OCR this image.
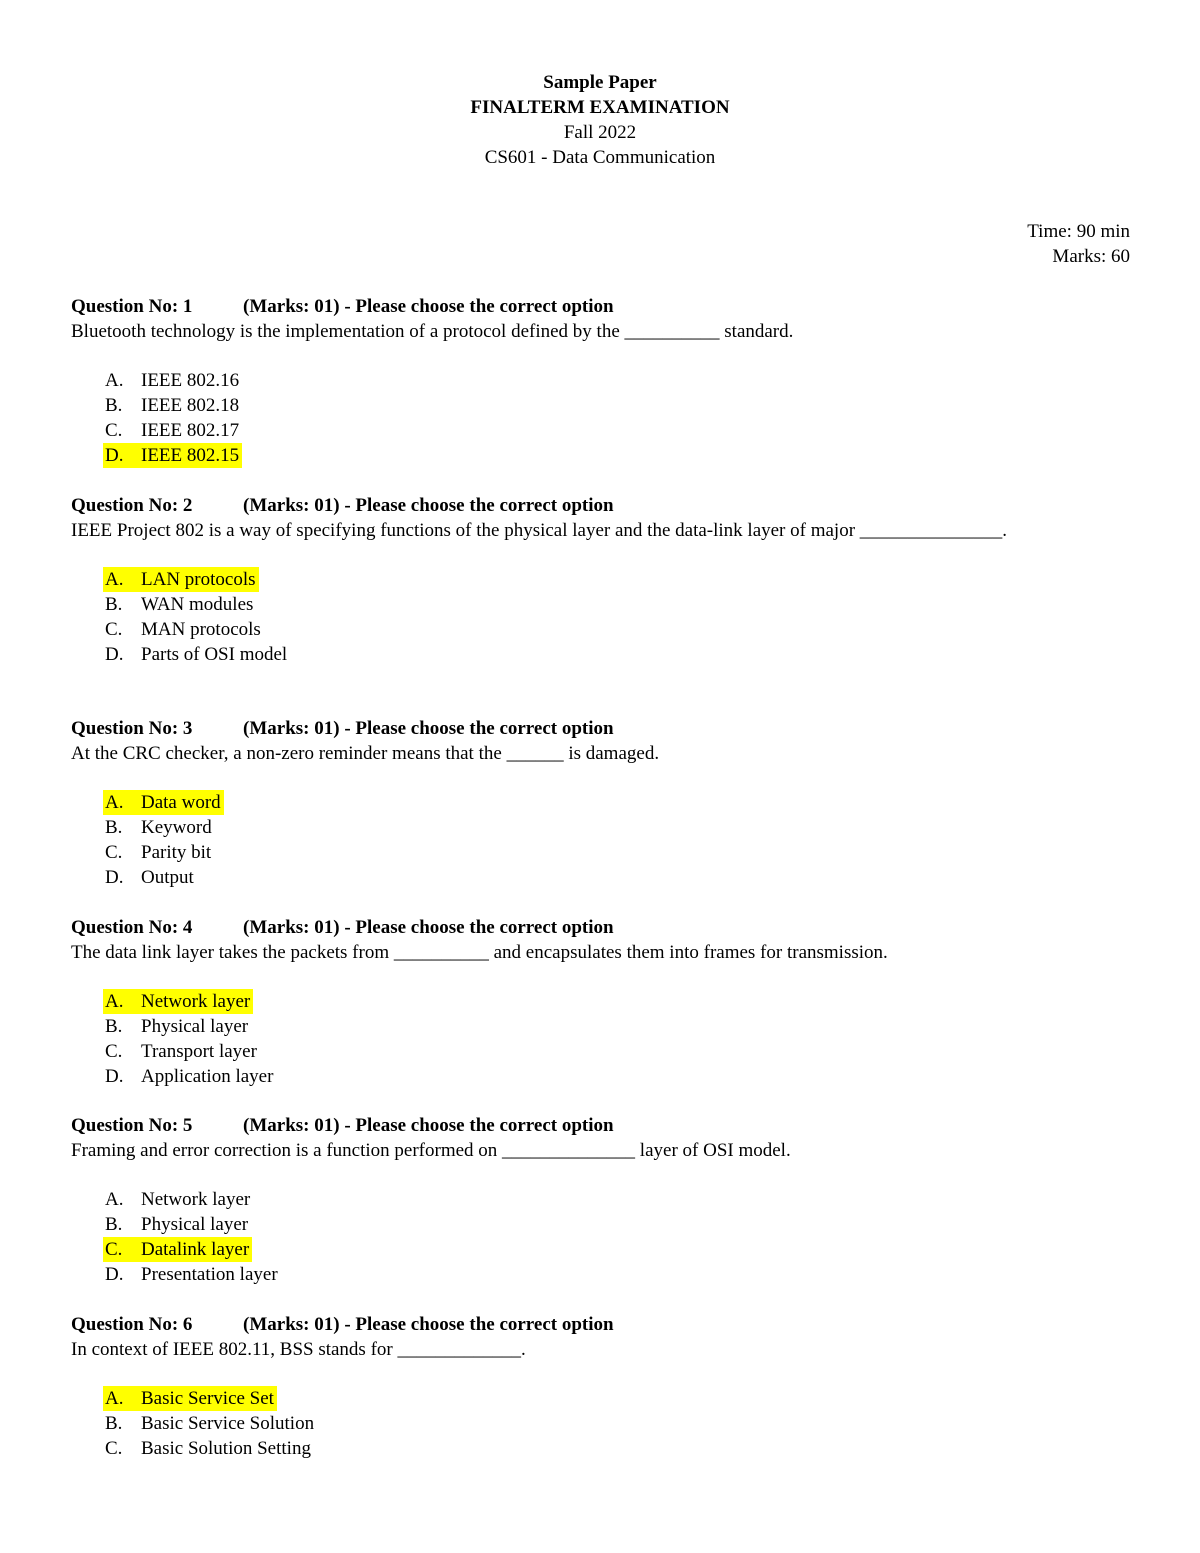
Sample Paper
FINALTERM EXAMINATION
Fall 2022
CS601 - Data Communication
Time: 90 min
Marks: 60
Question No: 1	(Marks: 01) - Please choose the correct option

Bluetooth technology is the implementation of a protocol defined by the __________ standard.

A. IEEE 802.16
B. IEEE 802.18
C. IEEE 802.17
D. IEEE 802.15
Question No: 2	(Marks: 01) - Please choose the correct option

IEEE Project 802 is a way of specifying functions of the physical layer and the data-link layer of major _______________.

A. LAN protocols
B. WAN modules
C. MAN protocols
D. Parts of OSI model
Question No: 3	(Marks: 01) - Please choose the correct option

At the CRC checker, a non-zero reminder means that the ______ is damaged.

A. Data word
B. Keyword
C. Parity bit
D. Output
Question No: 4	(Marks: 01) - Please choose the correct option

The data link layer takes the packets from __________ and encapsulates them into frames for transmission.

A. Network layer
B. Physical layer
C. Transport layer
D. Application layer
Question No: 5	(Marks: 01) - Please choose the correct option

Framing and error correction is a function performed on ______________ layer of OSI model.

A. Network layer
B. Physical layer
C. Datalink layer
D. Presentation layer
Question No: 6	(Marks: 01) - Please choose the correct option

In context of IEEE 802.11, BSS stands for _____________.

A. Basic Service Set
B. Basic Service Solution
C. Basic Solution Setting
